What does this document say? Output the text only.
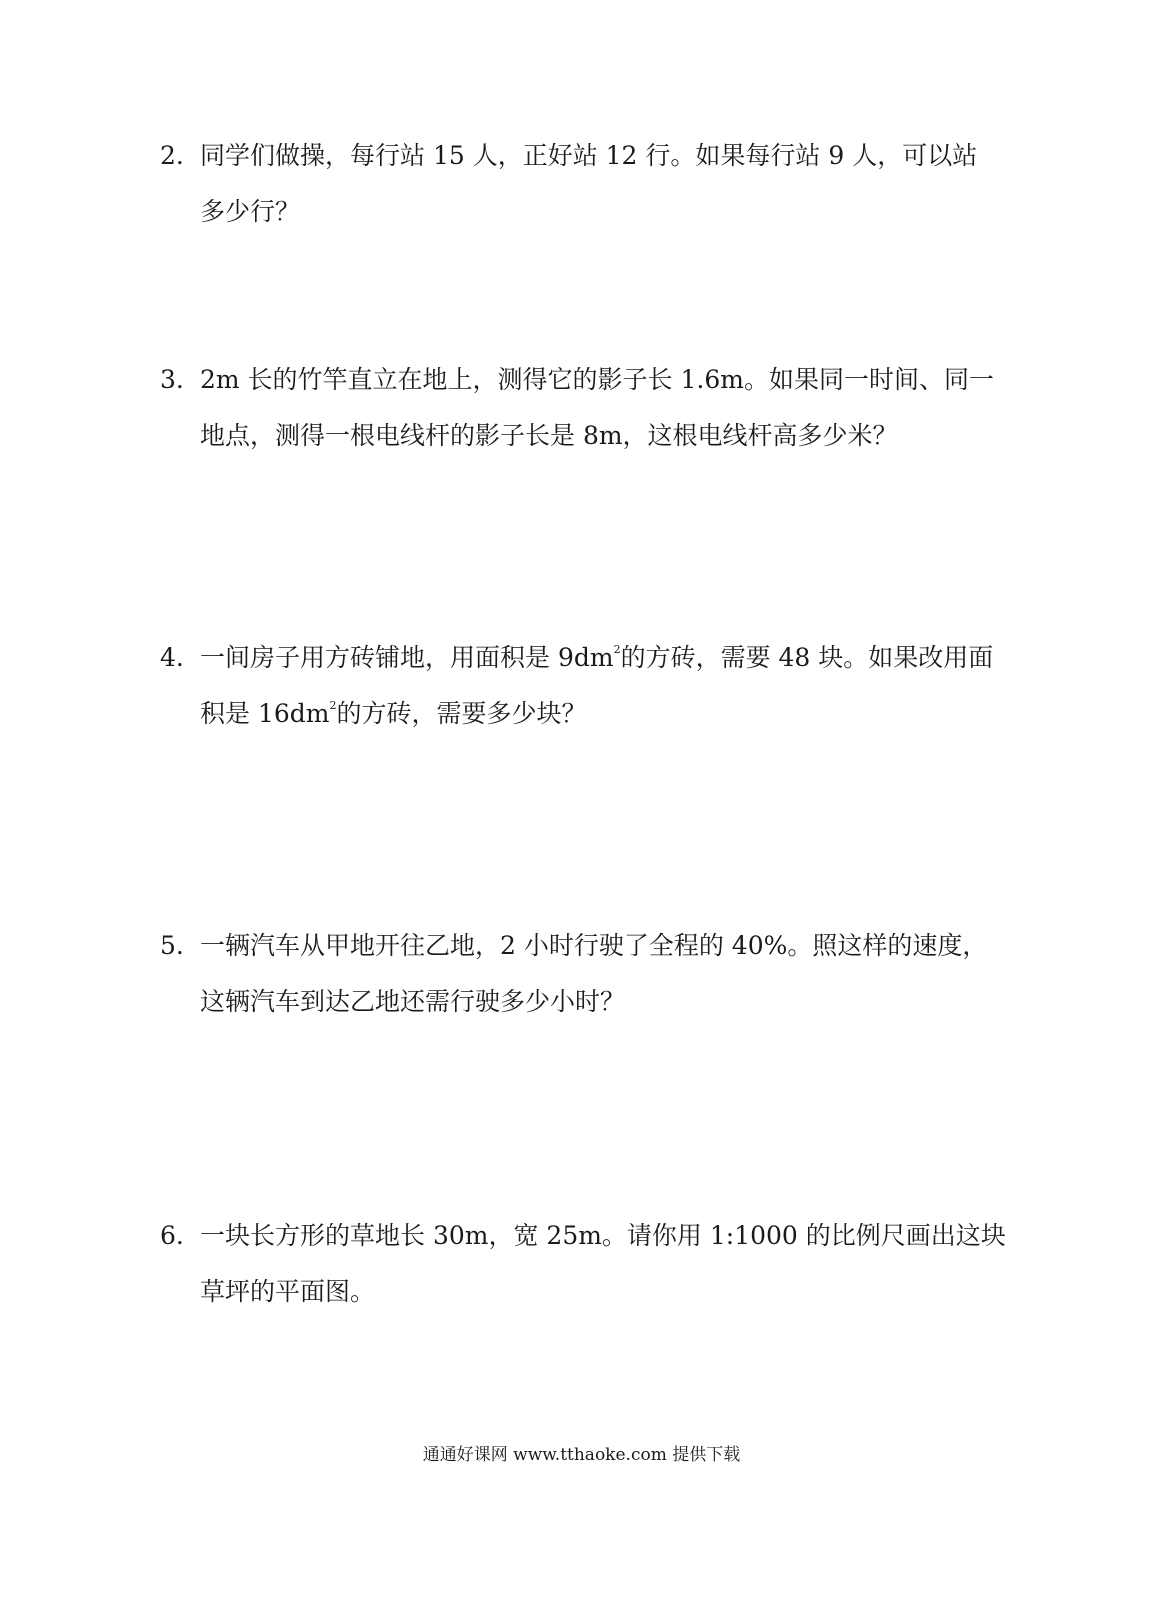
2. 同学们做操，每行站 15 人，正好站 12 行。如果每行站 9 人，可以站
多少行？
3. 2m 长的竹竿直立在地上，测得它的影子长 1.6m。如果同一时间、同一
地点，测得一根电线杆的影子长是 8m，这根电线杆高多少米？
4. 一间房子用方砖铺地，用面积是 $9dm^2$的方砖，需要 48 块。如果改用面
积是 $16dm^2$的方砖，需要多少块？
5. 一辆汽车从甲地开往乙地，2 小时行驶了全程的 40%。照这样的速度，
这辆汽车到达乙地还需行驶多少小时？
6. 一块长方形的草地长 30m，宽 25m。请你用 1:1000 的比例尺画出这块
草坪的平面图。
通通好课网 www.tthaoke.com 提供下载
